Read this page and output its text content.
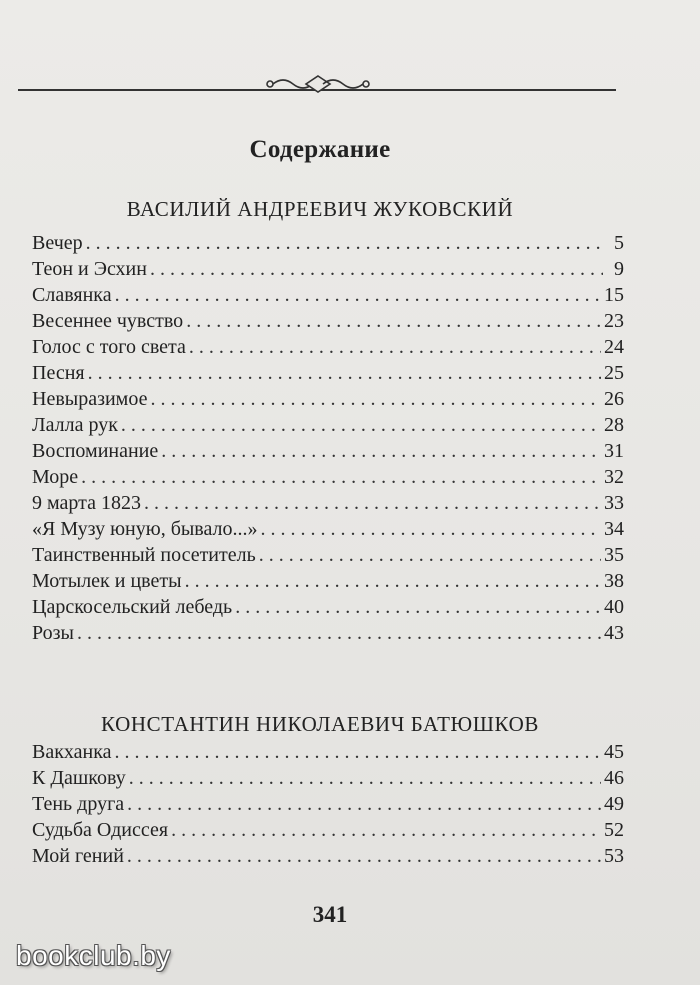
Содержание
ВАСИЛИЙ АНДРЕЕВИЧ ЖУКОВСКИЙ
Вечер . . .	5
Теон и Эсхин . . .	9
Славянка . . .	15
Весеннее чувство . . .	23
Голос с того света . . .	24
Песня . . .	25
Невыразимое . . .	26
Лалла рук . . .	28
Воспоминание . . .	31
Море . . .	32
9 марта 1823 . . .	33
«Я Музу юную, бывало...» . . .	34
Таинственный посетитель . . .	35
Мотылек и цветы . . .	38
Царскосельский лебедь . . .	40
Розы . . .	43
КОНСТАНТИН НИКОЛАЕВИЧ БАТЮШКОВ
Вакханка . . .	45
К Дашкову . . .	46
Тень друга . . .	49
Судьба Одиссея . . .	52
Мой гений . . .	53
341
bookclub.by
